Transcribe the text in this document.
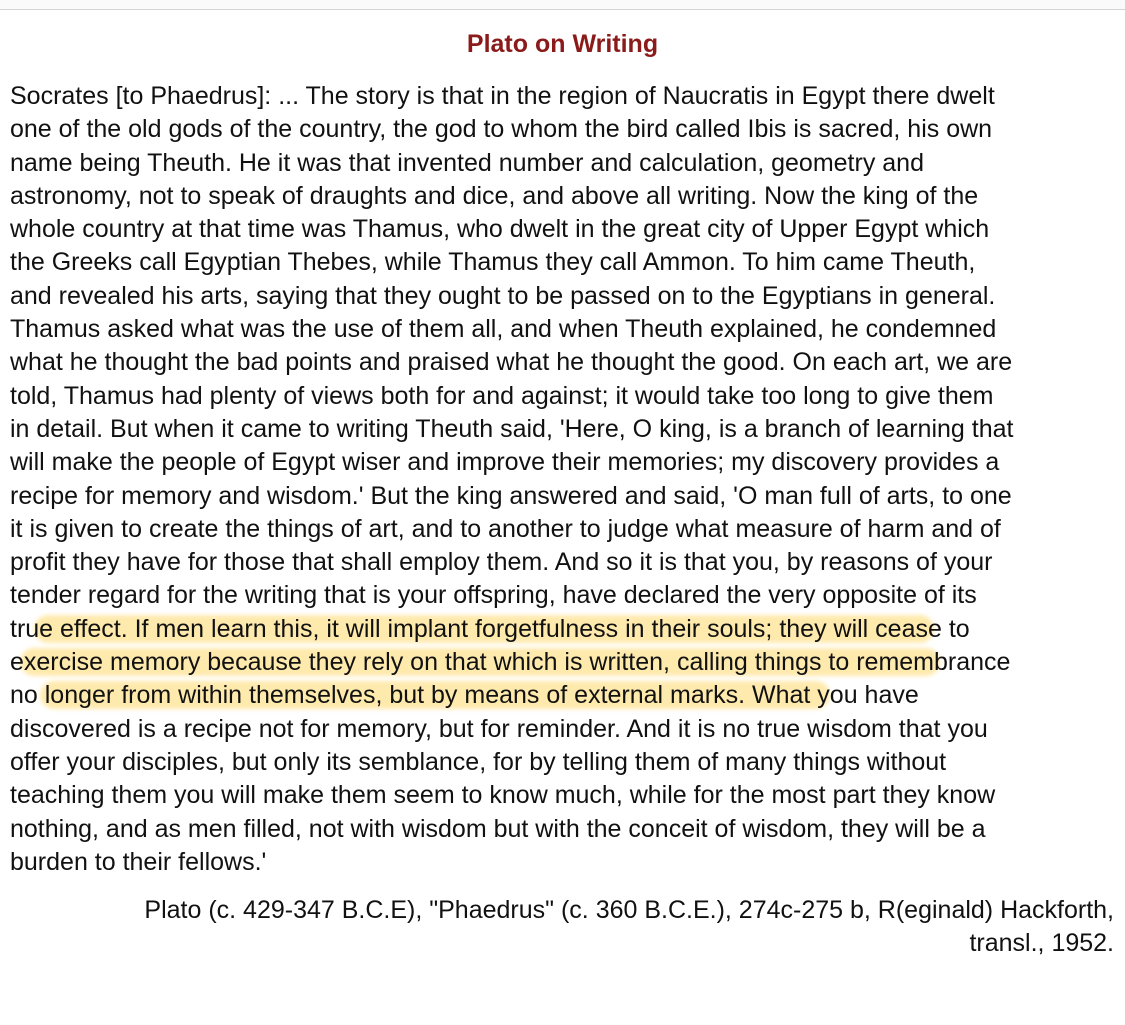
Plato on Writing
Socrates [to Phaedrus]: ... The story is that in the region of Naucratis in Egypt there dwelt
one of the old gods of the country, the god to whom the bird called Ibis is sacred, his own
name being Theuth. He it was that invented number and calculation, geometry and
astronomy, not to speak of draughts and dice, and above all writing. Now the king of the
whole country at that time was Thamus, who dwelt in the great city of Upper Egypt which
the Greeks call Egyptian Thebes, while Thamus they call Ammon. To him came Theuth,
and revealed his arts, saying that they ought to be passed on to the Egyptians in general.
Thamus asked what was the use of them all, and when Theuth explained, he condemned
what he thought the bad points and praised what he thought the good. On each art, we are
told, Thamus had plenty of views both for and against; it would take too long to give them
in detail. But when it came to writing Theuth said, 'Here, O king, is a branch of learning that
will make the people of Egypt wiser and improve their memories; my discovery provides a
recipe for memory and wisdom.' But the king answered and said, 'O man full of arts, to one
it is given to create the things of art, and to another to judge what measure of harm and of
profit they have for those that shall employ them. And so it is that you, by reasons of your
tender regard for the writing that is your offspring, have declared the very opposite of its
true effect. If men learn this, it will implant forgetfulness in their souls; they will cease to
exercise memory because they rely on that which is written, calling things to remembrance
no longer from within themselves, but by means of external marks. What you have
discovered is a recipe not for memory, but for reminder. And it is no true wisdom that you
offer your disciples, but only its semblance, for by telling them of many things without
teaching them you will make them seem to know much, while for the most part they know
nothing, and as men filled, not with wisdom but with the conceit of wisdom, they will be a
burden to their fellows.'
Plato (c. 429-347 B.C.E), "Phaedrus" (c. 360 B.C.E.), 274c-275 b, R(eginald) Hackforth,
transl., 1952.
